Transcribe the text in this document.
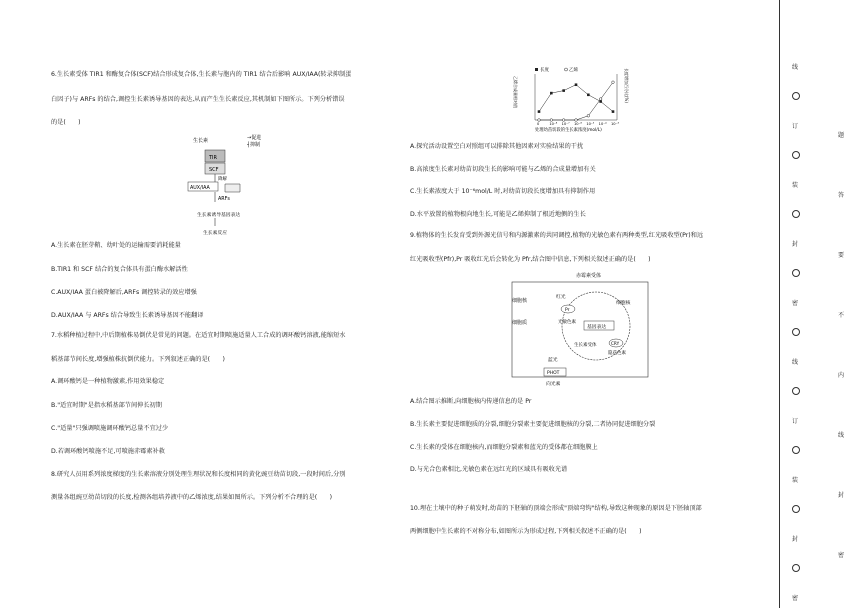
6.生长素受体 TIR1 和酶复合体(SCF)结合形成复合体,生长素与胞内的 TIR1 结合后影响 AUX/IAA(转录抑制蛋
白因子)与 ARFs 的结合,调控生长素诱导基因的表达,从而产生生长素反应,其机制如下图所示。下列分析错误
的是(　　)
生长素	→促进
┤抑制
TIR
SCF
降解
AUX/IAA
ARFs
生长素诱导基因表达
生长素反应
A.生长素在胚芽鞘、幼叶处的运输需要消耗能量
B.TIR1 和 SCF 结合的复合体具有蛋白酶水解活性
C.AUX/IAA 蛋白被降解后,ARFs 调控转录的效应增强
D.AUX/IAA 与 ARFs 结合导致生长素诱导基因不能翻译
7.水稻种植过程中,中后期植株易倒伏是常见的问题。在适宜时期喷施适量人工合成的调环酸钙溶液,能缩短水
稻基部节间长度,增强植株抗倒伏能力。下列叙述正确的是(　　)
A.调环酸钙是一种植物激素,作用效果稳定
B."适宜时期"是指水稻基部节间伸长初期
C."适量"只强调喷施调环酸钙总量不宜过少
D.若调环酸钙喷施不足,可喷施赤霉素补救
8.研究人员用系列浓度梯度的生长素溶液分别处理生理状况和长度相同的黄化豌豆幼苗切段,一段时间后,分别
测量各组豌豆幼苗切段的长度,检测各组培养液中的乙烯浓度,结果如图所示。下列分析不合理的是(　　)
乙烯合成量相对值	长度增加百分比(%)
处理幼苗切段的生长素浓度(mol/L)
长度	乙烯
0	10⁻⁸ 10⁻⁷ 10⁻⁶ 10⁻⁵ 10⁻⁴ 10⁻³
A.探究活动设置空白对照组可以排除其他因素对实验结果的干扰
B.高浓度生长素对幼苗切段生长的影响可能与乙烯的合成量增加有关
C.生长素浓度大于 10⁻⁶mol/L 时,对幼苗切段长度增加具有抑制作用
D.水平放置的植物根向地生长,可能是乙烯抑制了根近地侧的生长
9.植物体的生长发育受到外源光信号和内源激素的共同调控,植物的光敏色素有两种类型,红光吸收型(Pr)和远
红光吸收型(Pfr),Pr 吸收红光后会转化为 Pfr,结合图中信息,下列相关叙述正确的是(　　)
赤霉素受体
细胞核
细胞质
细胞核
红光
Pr
光敏色素
基因表达
生长素受体	CRY
隐花色素
蓝光
PHOT
向光素
A.结合图示推断,向细胞核内传递信息的是 Pr
B.生长素主要促进细胞质的分裂,细胞分裂素主要促进细胞核的分裂,二者协同促进细胞分裂
C.生长素的受体在细胞核内,而细胞分裂素和蓝光的受体都在细胞膜上
D.与光合色素相比,光敏色素在远红光的区域具有吸收光谱
10.埋在土壤中的种子萌发时,幼苗的下胚轴的顶端会形成"顶端弯钩"结构,导致这种现象的原因是下胚轴顶部
两侧细胞中生长素的不对称分布,如图所示为形成过程,下列相关叙述不正确的是(　　)
线
订
装
封
密
线
订
装
封
密
题
答
要
不
内
线
封
密
